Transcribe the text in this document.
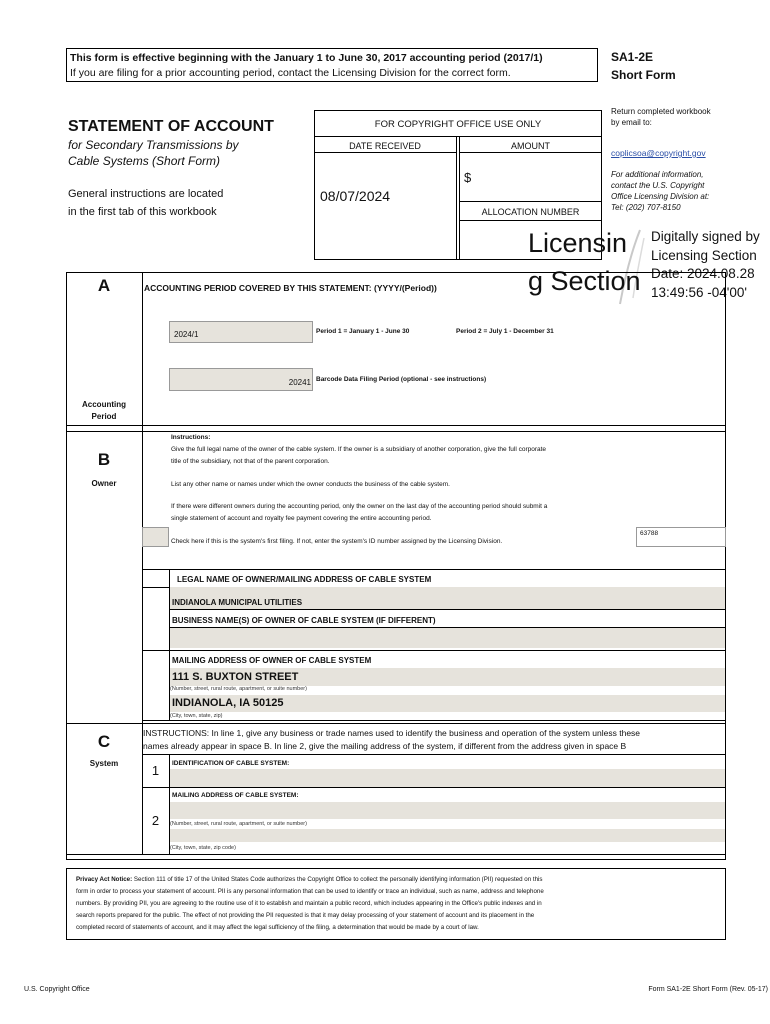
This form is effective beginning with the January 1 to June 30, 2017 accounting period (2017/1)
If you are filing for a prior accounting period, contact the Licensing Division for the correct form.
SA1-2E
Short Form
STATEMENT OF ACCOUNT
for Secondary Transmissions by
Cable Systems (Short Form)
General instructions are located
in the first tab of this workbook
FOR COPYRIGHT OFFICE USE ONLY
DATE RECEIVED	AMOUNT
08/07/2024
$
ALLOCATION NUMBER
Return completed workbook
by email to:
coplicsoa@copyright.gov
For additional information,
contact the U.S. Copyright
Office Licensing Division at:
Tel: (202) 707-8150
Licensin
g Section
Digitally signed by
Licensing Section
Date: 2024.08.28
13:49:56 -04'00'
A	ACCOUNTING PERIOD COVERED BY THIS STATEMENT: (YYYY/(Period))
2024/1	Period 1 = January 1 - June 30	Period 2 = July 1 - December 31
20241 Barcode Data Filing Period (optional - see instructions)
Accounting
Period
B
Owner
Instructions:
Give the full legal name of the owner of the cable system. If the owner is a subsidiary of another corporation, give the full corporate
title of the subsidiary, not that of the parent corporation.
List any other name or names under which the owner conducts the business of the cable system.
If there were different owners during the accounting period, only the owner on the last day of the accounting period should submit a
single statement of account and royalty fee payment covering the entire accounting period.
Check here if this is the system's first filing. If not, enter the system's ID number assigned by the Licensing Division.
63788
LEGAL NAME OF OWNER/MAILING ADDRESS OF CABLE SYSTEM
INDIANOLA MUNICIPAL UTILITIES
BUSINESS NAME(S) OF OWNER OF CABLE SYSTEM (IF DIFFERENT)
MAILING ADDRESS OF OWNER OF CABLE SYSTEM
111 S. BUXTON STREET
(Number, street, rural route, apartment, or suite number)
INDIANOLA, IA 50125
(City, town, state, zip)
C
System
INSTRUCTIONS: In line 1, give any business or trade names used to identify the business and operation of the system unless these
names already appear in space B. In line 2, give the mailing address of the system, if different from the address given in space B
1	IDENTIFICATION OF CABLE SYSTEM:
MAILING ADDRESS OF CABLE SYSTEM:
2	(Number, street, rural route, apartment, or suite number)
(City, town, state, zip code)
Privacy Act Notice: Section 111 of title 17 of the United States Code authorizes the Copyright Office to collect the personally identifying information (PII) requested on this
form in order to process your statement of account. PII is any personal information that can be used to identify or trace an individual, such as name, address and telephone
numbers. By providing PII, you are agreeing to the routine use of it to establish and maintain a public record, which includes appearing in the Office's public indexes and in
search reports prepared for the public. The effect of not providing the PII requested is that it may delay processing of your statement of account and its placement in the
completed record of statements of account, and it may affect the legal sufficiency of the filing, a determination that would be made by a court of law.
U.S. Copyright Office	Form SA1-2E Short Form (Rev. 05-17)
